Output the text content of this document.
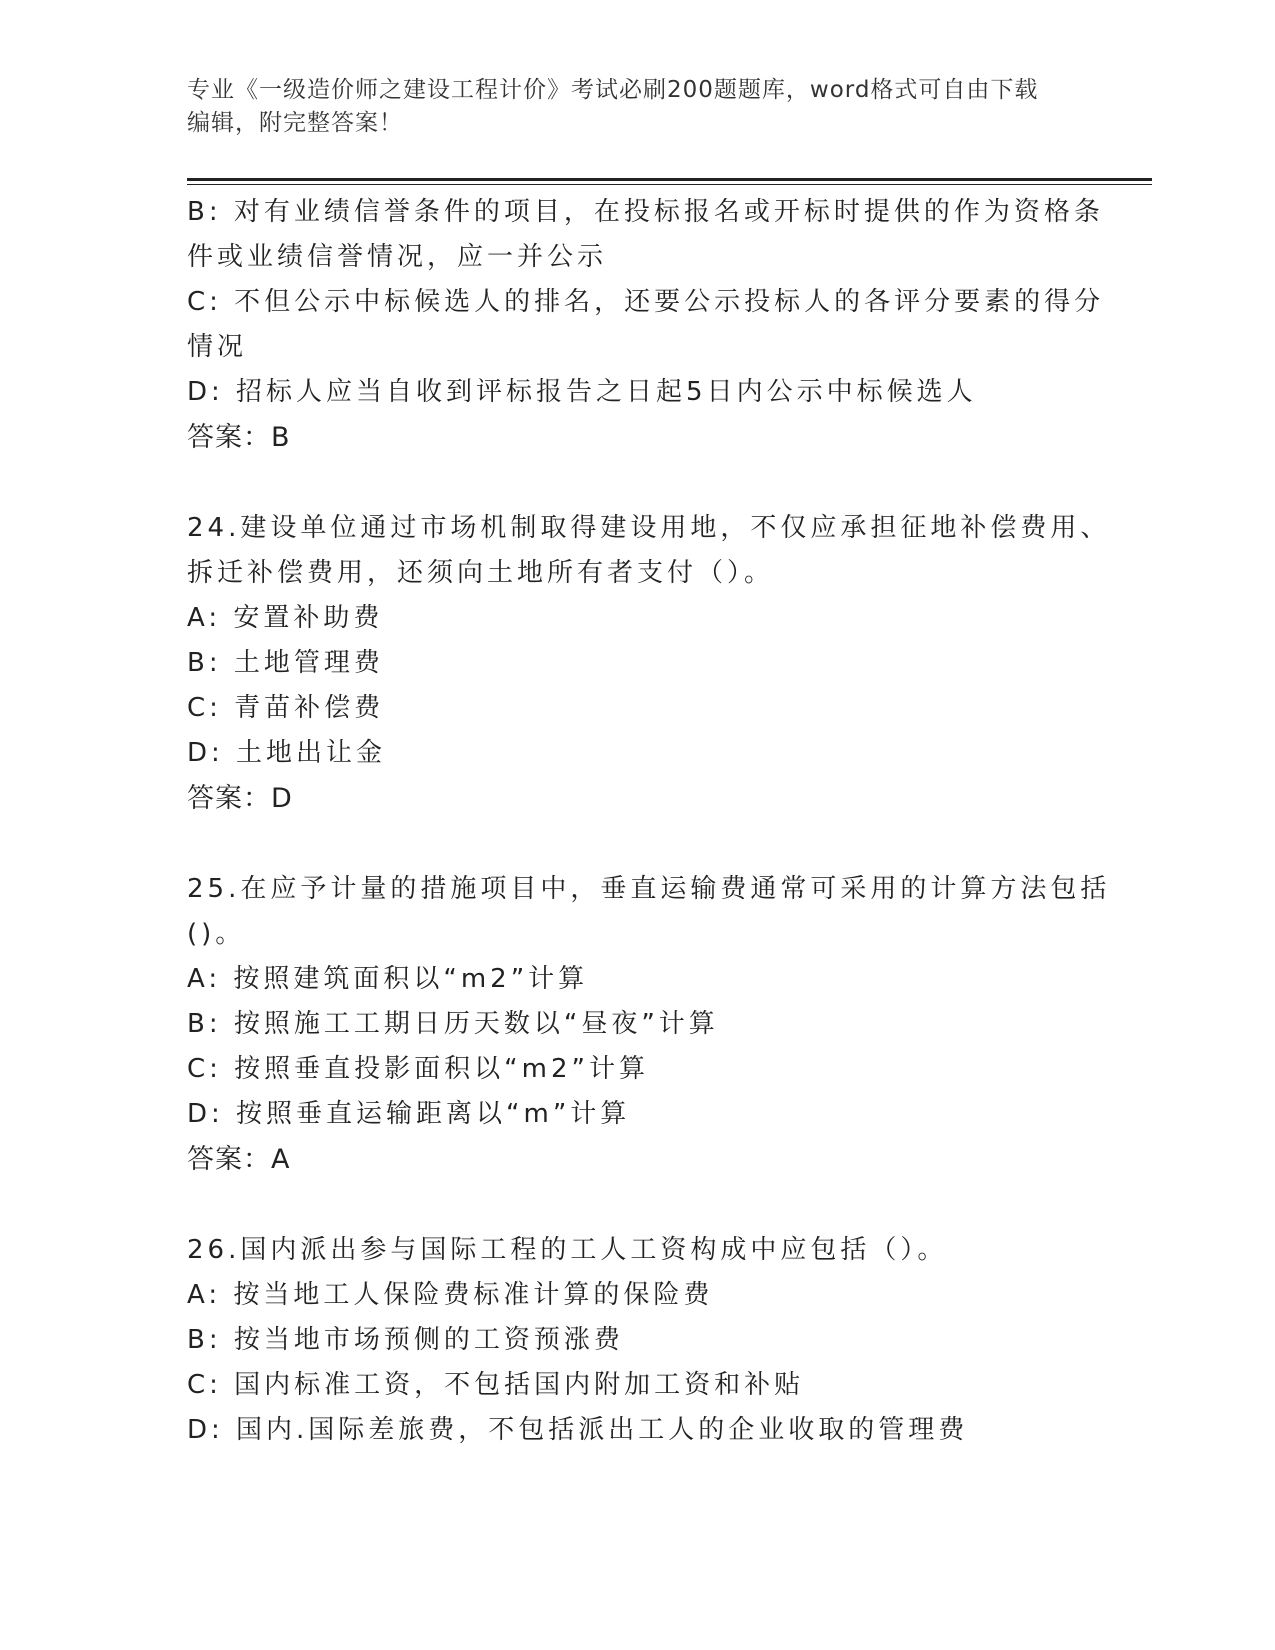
专业《一级造价师之建设工程计价》考试必刷200题题库，word格式可自由下载
编辑，附完整答案！
B: 对有业绩信誉条件的项目，在投标报名或开标时提供的作为资格条
件或业绩信誉情况，应一并公示
C: 不但公示中标候选人的排名，还要公示投标人的各评分要素的得分
情况
D: 招标人应当自收到评标报告之日起5日内公示中标候选人
答案：B
24.建设单位通过市场机制取得建设用地，不仅应承担征地补偿费用、
拆迁补偿费用，还须向土地所有者支付（）。
A: 安置补助费
B: 土地管理费
C: 青苗补偿费
D: 土地出让金
答案：D
25.在应予计量的措施项目中，垂直运输费通常可采用的计算方法包括
()。
A: 按照建筑面积以“m2”计算
B: 按照施工工期日历天数以“昼夜”计算
C: 按照垂直投影面积以“m2”计算
D: 按照垂直运输距离以“m”计算
答案：A
26.国内派出参与国际工程的工人工资构成中应包括（）。
A: 按当地工人保险费标准计算的保险费
B: 按当地市场预侧的工资预涨费
C: 国内标准工资，不包括国内附加工资和补贴
D: 国内.国际差旅费，不包括派出工人的企业收取的管理费
